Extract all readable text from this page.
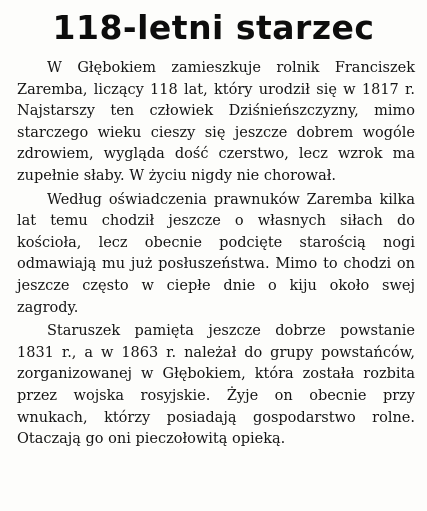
118-letni starzec

W Głębokiem zamieszkuje rolnik Franciszek Zaremba, liczący 118 lat, który urodził się w 1817 r. Najstarszy ten człowiek Dziśnieńszczyzny, mimo starczego wieku cieszy się jeszcze dobrem wogóle zdrowiem, wygląda dość czerstwo, lecz wzrok ma zupełnie słaby. W życiu nigdy nie chorował.

Według oświadczenia prawnuków Zaremba kilka lat temu chodził jeszcze o własnych siłach do kościoła, lecz obecnie podcięte starością nogi odmawiają mu już posłuszeństwa. Mimo to chodzi on jeszcze często w ciepłe dnie o kiju około swej zagrody.

Staruszek pamięta jeszcze dobrze powstanie 1831 r., a w 1863 r. należał do grupy powstańców, zorganizowanej w Głębokiem, która została rozbita przez wojska rosyjskie. Żyje on obecnie przy wnukach, którzy posiadają gospodarstwo rolne. Otaczają go oni pieczołowitą opieką.
